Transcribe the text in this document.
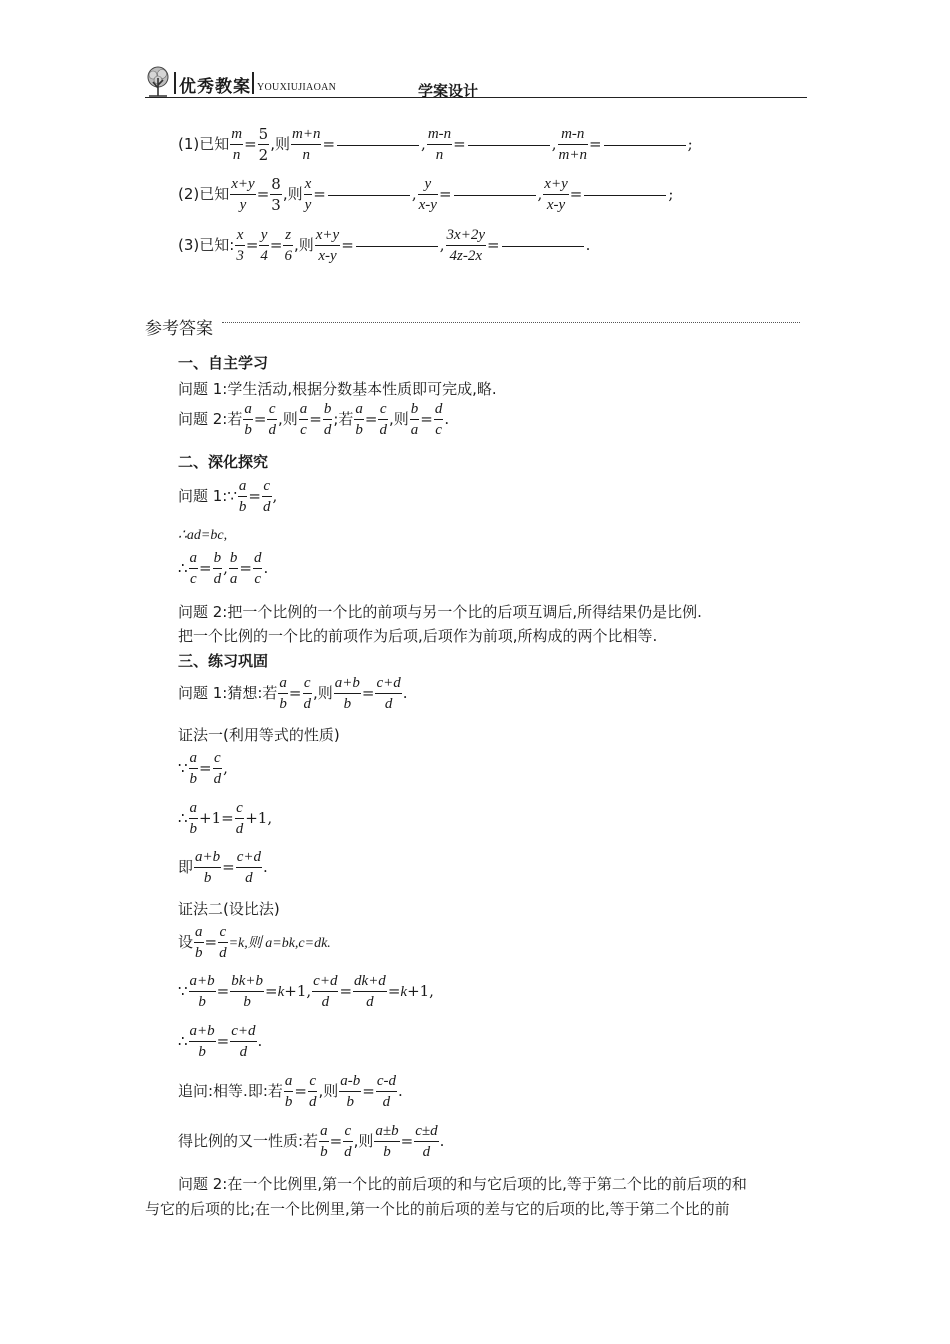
优秀教案 YOUXIUJIAOAN	学案设计
(1)已知 $\frac{m}{n} = \frac{5}{2}$ ,则 $\frac{m+n}{n}$ =	, $\frac{m-n}{n}$ =	, $\frac{m-n}{m+n}$ =	;
(2)已知 $\frac{x+y}{y} = \frac{8}{3}$ ,则 $\frac{x}{y}$ =	, $\frac{y}{x-y}$ =	, $\frac{x+y}{x-y}$ =	;
(3)已知: $\frac{x}{3} = \frac{y}{4} = \frac{z}{6}$ ,则 $\frac{x+y}{x-y}$ =	, $\frac{3x+2y}{4z-2x}$ =	.
参考答案
一、自主学习
问题 1:学生活动,根据分数基本性质即可完成,略.
问题 2:若 $\frac{a}{b} = \frac{c}{d}$ ,则 $\frac{a}{c} = \frac{b}{d}$ ;若 $\frac{a}{b} = \frac{c}{d}$ ,则 $\frac{b}{a} = \frac{d}{c}$ .
二、深化探究
问题 1:∵ $\frac{a}{b} = \frac{c}{d}$ ,
∴ad=bc,
∴ $\frac{a}{c} = \frac{b}{d}$ , $\frac{b}{a} = \frac{d}{c}$ .
问题 2:把一个比例的一个比的前项与另一个比的后项互调后,所得结果仍是比例.
把一个比例的一个比的前项作为后项,后项作为前项,所构成的两个比相等.
三、练习巩固
问题 1:猜想:若 $\frac{a}{b} = \frac{c}{d}$ ,则 $\frac{a+b}{b} = \frac{c+d}{d}$ .
证法一(利用等式的性质)
∵ $\frac{a}{b} = \frac{c}{d}$ ,
∴ $\frac{a}{b} +1= \frac{c}{d} +1$,
即 $\frac{a+b}{b} = \frac{c+d}{d}$ .
证法二(设比法)
设 $\frac{a}{b} = \frac{c}{d} =k$,则 a=bk,c=dk.
∵ $\frac{a+b}{b} = \frac{bk+b}{b} =k+1$, $\frac{c+d}{d} = \frac{dk+d}{d} =k+1$,
∴ $\frac{a+b}{b} = \frac{c+d}{d}$ .
追问:相等.即:若 $\frac{a}{b} = \frac{c}{d}$ ,则 $\frac{a-b}{b} = \frac{c-d}{d}$ .
得比例的又一性质:若 $\frac{a}{b} = \frac{c}{d}$ ,则 $\frac{a\pm b}{b} = \frac{c\pm d}{d}$ .
问题 2:在一个比例里,第一个比的前后项的和与它后项的比,等于第二个比的前后项的和
与它的后项的比;在一个比例里,第一个比的前后项的差与它的后项的比,等于第二个比的前
